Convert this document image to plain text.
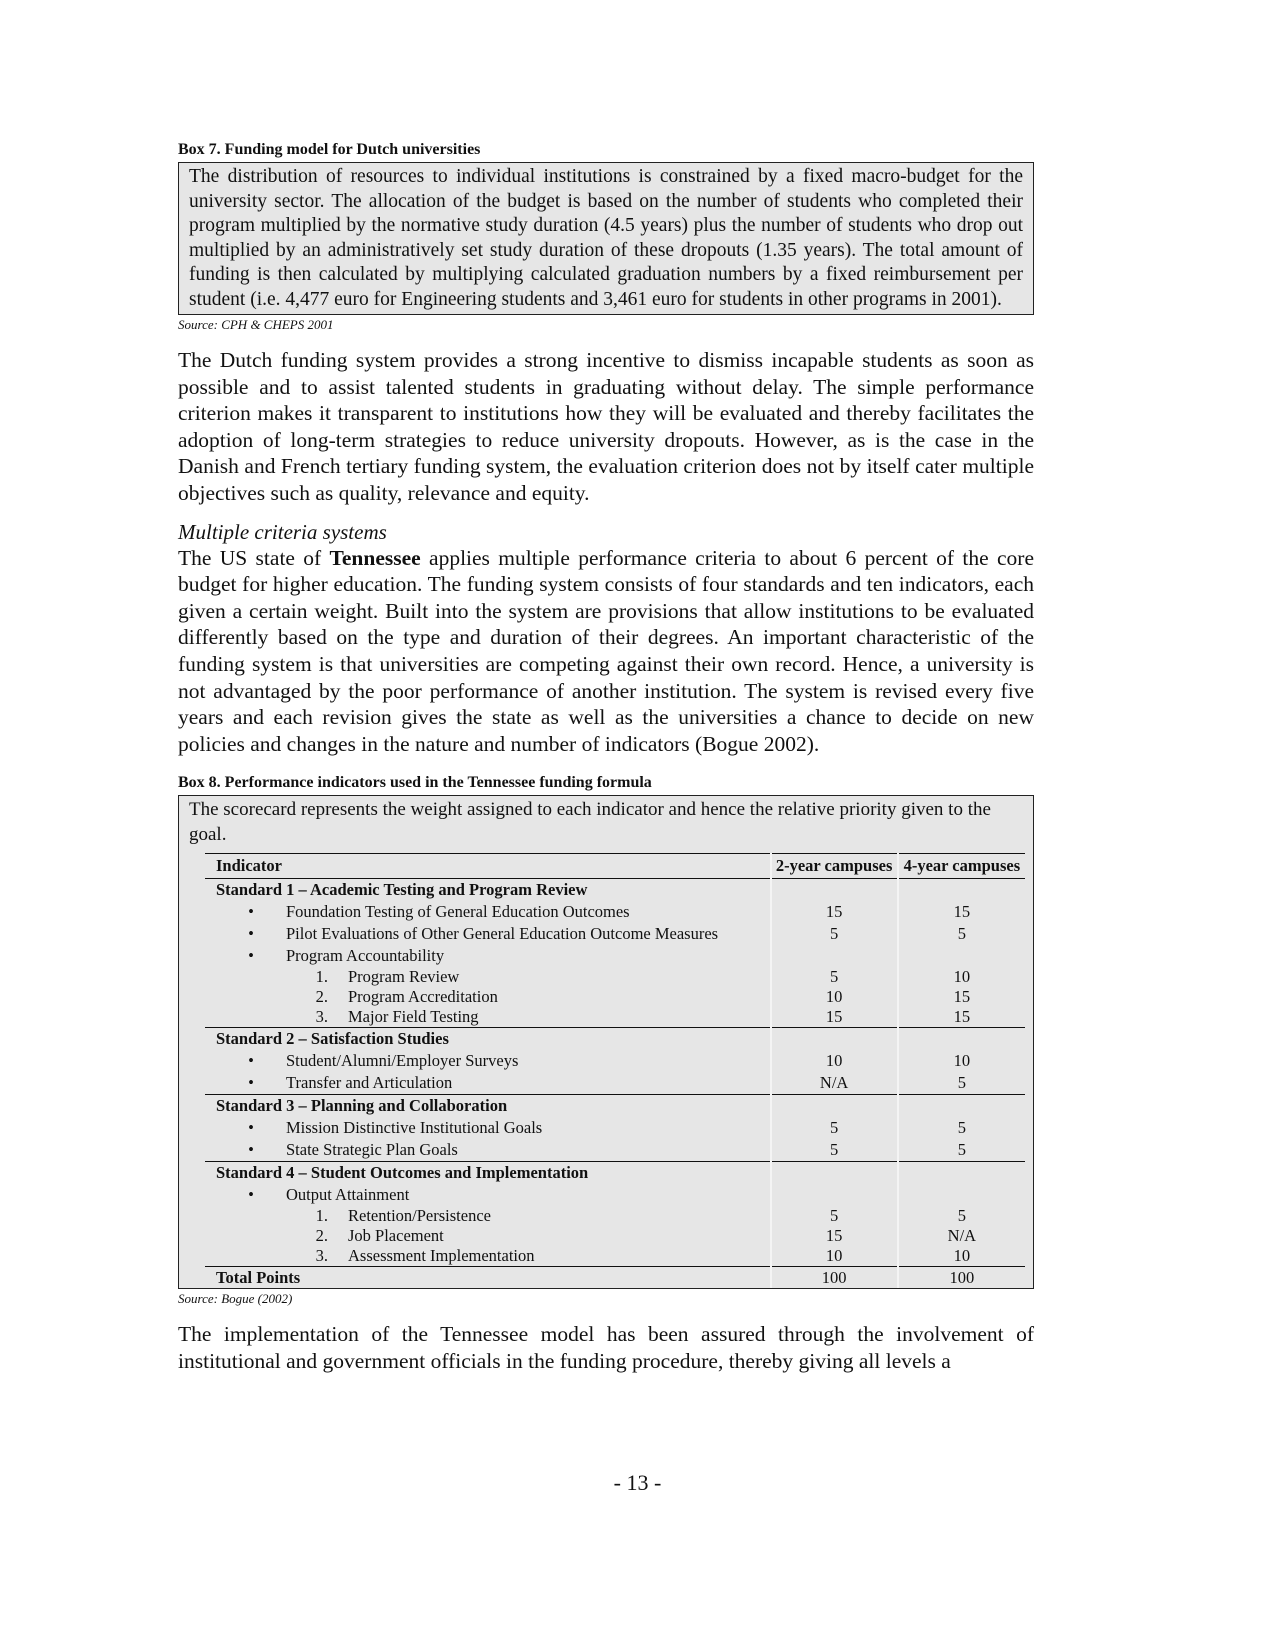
Box 7. Funding model for Dutch universities

The distribution of resources to individual institutions is constrained by a fixed macro-budget for the university sector. The allocation of the budget is based on the number of students who completed their program multiplied by the normative study duration (4.5 years) plus the number of students who drop out multiplied by an administratively set study duration of these dropouts (1.35 years). The total amount of funding is then calculated by multiplying calculated graduation numbers by a fixed reimbursement per student (i.e. 4,477 euro for Engineering students and 3,461 euro for students in other programs in 2001).

Source: CPH & CHEPS 2001

The Dutch funding system provides a strong incentive to dismiss incapable students as soon as possible and to assist talented students in graduating without delay. The simple performance criterion makes it transparent to institutions how they will be evaluated and thereby facilitates the adoption of long-term strategies to reduce university dropouts. However, as is the case in the Danish and French tertiary funding system, the evaluation criterion does not by itself cater multiple objectives such as quality, relevance and equity.

Multiple criteria systems

The US state of Tennessee applies multiple performance criteria to about 6 percent of the core budget for higher education. The funding system consists of four standards and ten indicators, each given a certain weight. Built into the system are provisions that allow institutions to be evaluated differently based on the type and duration of their degrees. An important characteristic of the funding system is that universities are competing against their own record. Hence, a university is not advantaged by the poor performance of another institution. The system is revised every five years and each revision gives the state as well as the universities a chance to decide on new policies and changes in the nature and number of indicators (Bogue 2002).

Box 8. Performance indicators used in the Tennessee funding formula

The scorecard represents the weight assigned to each indicator and hence the relative priority given to the goal.

Indicator	2-year campuses	4-year campuses
Standard 1 – Academic Testing and Program Review		
• Foundation Testing of General Education Outcomes	15	15
• Pilot Evaluations of Other General Education Outcome Measures	5	5
• Program Accountability		
1. Program Review	5	10
2. Program Accreditation	10	15
3. Major Field Testing	15	15
Standard 2 – Satisfaction Studies		
• Student/Alumni/Employer Surveys	10	10
• Transfer and Articulation	N/A	5
Standard 3 – Planning and Collaboration		
• Mission Distinctive Institutional Goals	5	5
• State Strategic Plan Goals	5	5
Standard 4 – Student Outcomes and Implementation		
• Output Attainment		
1. Retention/Persistence	5	5
2. Job Placement	15	N/A
3. Assessment Implementation	10	10
Total Points	100	100
Source: Bogue (2002)

The implementation of the Tennessee model has been assured through the involvement of institutional and government officials in the funding procedure, thereby giving all levels a

- 13 -
